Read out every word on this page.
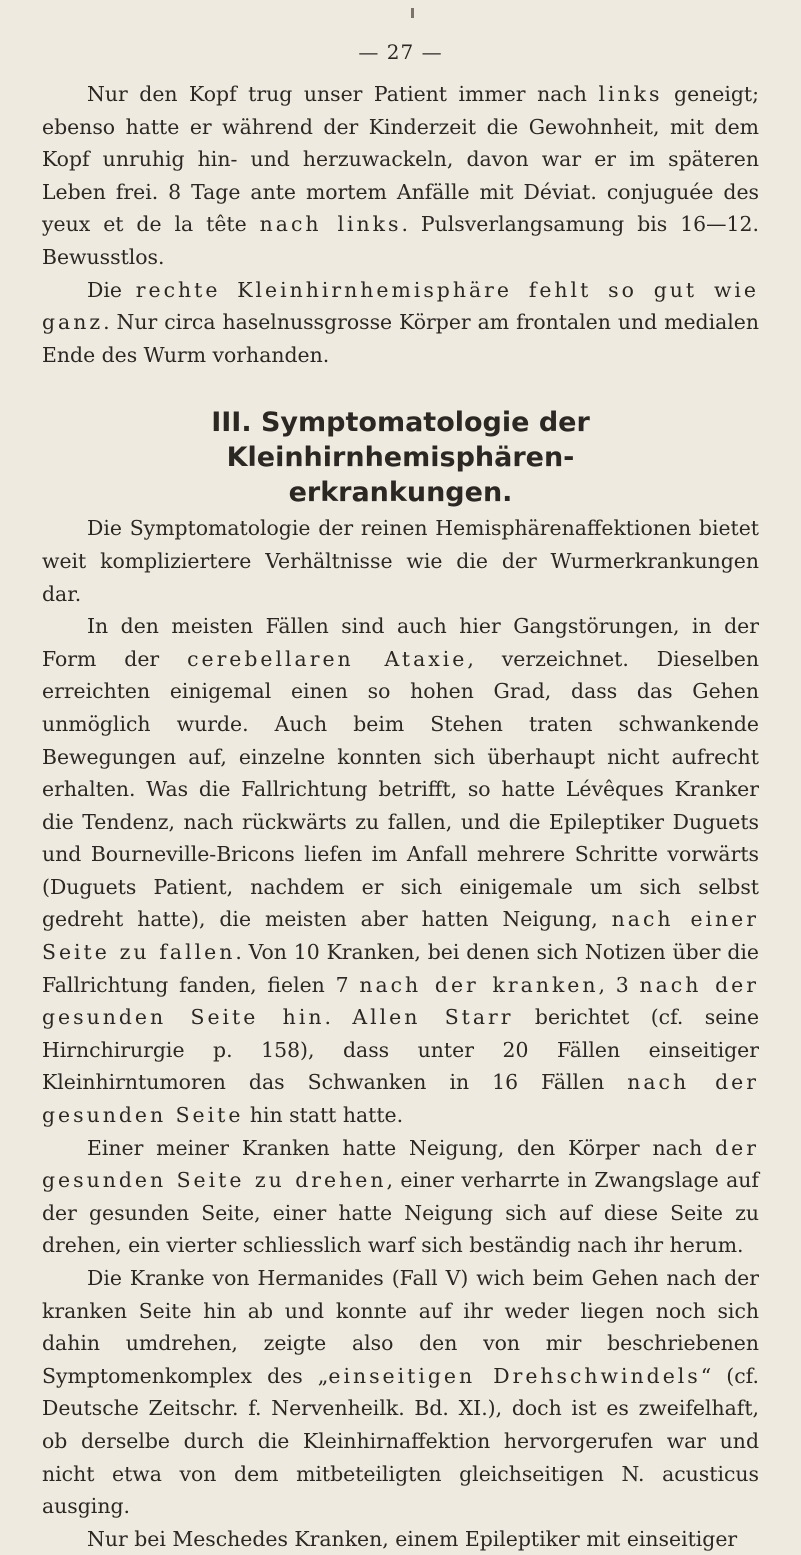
— 27 —

Nur den Kopf trug unser Patient immer nach links geneigt; ebenso hatte er während der Kinderzeit die Gewohnheit, mit dem Kopf unruhig hin- und herzuwackeln, davon war er im späteren Leben frei. 8 Tage ante mortem Anfälle mit Déviat. conjuguée des yeux et de la tête nach links. Pulsverlangsamung bis 16—12. Bewusstlos.

Die rechte Kleinhirnhemisphäre fehlt so gut wie ganz. Nur circa haselnussgrosse Körper am frontalen und medialen Ende des Wurm vorhanden.

III. Symptomatologie der Kleinhirnhemisphären-
erkrankungen.

Die Symptomatologie der reinen Hemisphärenaffektionen bietet weit kompliziertere Verhältnisse wie die der Wurmerkrankungen dar.

In den meisten Fällen sind auch hier Gangstörungen, in der Form der cerebellaren Ataxie, verzeichnet. Dieselben erreichten einigemal einen so hohen Grad, dass das Gehen unmöglich wurde. Auch beim Stehen traten schwankende Bewegungen auf, einzelne konnten sich überhaupt nicht aufrecht erhalten. Was die Fallrichtung betrifft, so hatte Lévêques Kranker die Tendenz, nach rückwärts zu fallen, und die Epileptiker Duguets und Bourneville-Bricons liefen im Anfall mehrere Schritte vorwärts (Duguets Patient, nachdem er sich einigemale um sich selbst gedreht hatte), die meisten aber hatten Neigung, nach einer Seite zu fallen. Von 10 Kranken, bei denen sich Notizen über die Fallrichtung fanden, fielen 7 nach der kranken, 3 nach der gesunden Seite hin. Allen Starr berichtet (cf. seine Hirnchirurgie p. 158), dass unter 20 Fällen einseitiger Kleinhirntumoren das Schwanken in 16 Fällen nach der gesunden Seite hin statt hatte.

Einer meiner Kranken hatte Neigung, den Körper nach der gesunden Seite zu drehen, einer verharrte in Zwangslage auf der gesunden Seite, einer hatte Neigung sich auf diese Seite zu drehen, ein vierter schliesslich warf sich beständig nach ihr herum.

Die Kranke von Hermanides (Fall V) wich beim Gehen nach der kranken Seite hin ab und konnte auf ihr weder liegen noch sich dahin umdrehen, zeigte also den von mir beschriebenen Symptomenkomplex des „einseitigen Drehschwindels“ (cf. Deutsche Zeitschr. f. Nervenheilk. Bd. XI.), doch ist es zweifelhaft, ob derselbe durch die Kleinhirnaffektion hervorgerufen war und nicht etwa von dem mitbeteiligten gleichseitigen N. acusticus ausging.

Nur bei Meschedes Kranken, einem Epileptiker mit einseitiger
